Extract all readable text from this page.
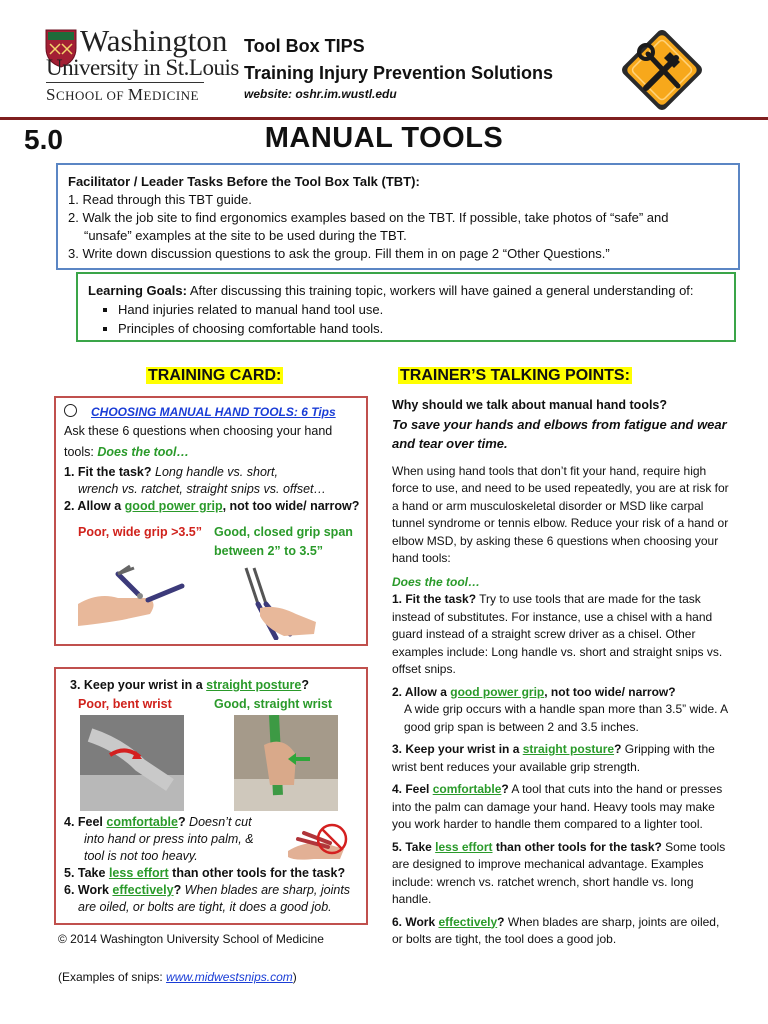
Washington
University in St.Louis
SCHOOL OF MEDICINE
Tool Box TIPS
Training Injury Prevention Solutions
website: oshr.im.wustl.edu
5.0	MANUAL TOOLS
Facilitator / Leader Tasks Before the Tool Box Talk (TBT):
1. Read through this TBT guide.
2. Walk the job site to find ergonomics examples based on the TBT. If possible, take photos of “safe” and
“unsafe” examples at the site to be used during the TBT.
3. Write down discussion questions to ask the group. Fill them in on page 2 “Other Questions.”
Learning Goals: After discussing this training topic, workers will have gained a general understanding of:
▪ Hand injuries related to manual hand tool use.
▪ Principles of choosing comfortable hand tools.
TRAINING CARD:	TRAINER’S TALKING POINTS:
CHOOSING MANUAL HAND TOOLS: 6 Tips
Ask these 6 questions when choosing your hand
tools: Does the tool…
1. Fit the task? Long handle vs. short,
wrench vs. ratchet, straight snips vs. offset…
2. Allow a good power grip, not too wide/ narrow?
Poor, wide grip >3.5” Good, closed grip span
between 2” to 3.5”
3. Keep your wrist in a straight posture?
Poor, bent wrist	Good, straight wrist
4. Feel comfortable? Doesn’t cut
into hand or press into palm, &
tool is not too heavy.
5. Take less effort than other tools for the task?
6. Work effectively? When blades are sharp, joints
are oiled, or bolts are tight, it does a good job.
© 2014 Washington University School of Medicine
(Examples of snips: www.midwestsnips.com)
Why should we talk about manual hand tools?
To save your hands and elbows from fatigue and wear and tear over time.
When using hand tools that don’t fit your hand, require high force to use, and need to be used repeatedly, you are at risk for a hand or arm musculoskeletal disorder or MSD like carpal tunnel syndrome or tennis elbow. Reduce your risk of a hand or elbow MSD, by asking these 6 questions when choosing your hand tools:
Does the tool…
1. Fit the task? Try to use tools that are made for the task instead of substitutes. For instance, use a chisel with a hand guard instead of a straight screw driver as a chisel. Other examples include: Long handle vs. short and straight snips vs. offset snips.
2. Allow a good power grip, not too wide/ narrow?
A wide grip occurs with a handle span more than 3.5” wide. A good grip span is between 2 and 3.5 inches.
3. Keep your wrist in a straight posture? Gripping with the wrist bent reduces your available grip strength.
4. Feel comfortable? A tool that cuts into the hand or presses into the palm can damage your hand. Heavy tools may make you work harder to handle them compared to a lighter tool.
5. Take less effort than other tools for the task? Some tools are designed to improve mechanical advantage. Examples include: wrench vs. ratchet wrench, short handle vs. long handle.
6. Work effectively? When blades are sharp, joints are oiled, or bolts are tight, the tool does a good job.
